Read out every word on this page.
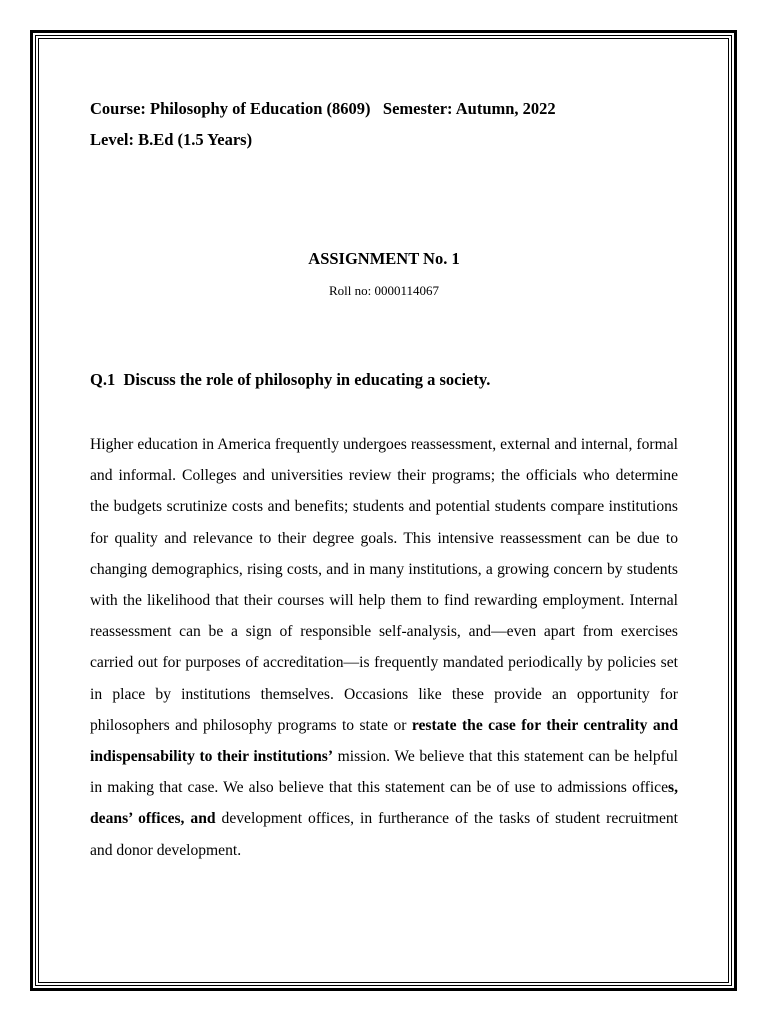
Course: Philosophy of Education (8609)   Semester: Autumn, 2022
Level: B.Ed (1.5 Years)
ASSIGNMENT No. 1
Roll no: 0000114067
Q.1  Discuss the role of philosophy in educating a society.
Higher education in America frequently undergoes reassessment, external and internal, formal and informal. Colleges and universities review their programs; the officials who determine the budgets scrutinize costs and benefits; students and potential students compare institutions for quality and relevance to their degree goals. This intensive reassessment can be due to changing demographics, rising costs, and in many institutions, a growing concern by students with the likelihood that their courses will help them to find rewarding employment. Internal reassessment can be a sign of responsible self-analysis, and—even apart from exercises carried out for purposes of accreditation—is frequently mandated periodically by policies set in place by institutions themselves. Occasions like these provide an opportunity for philosophers and philosophy programs to state or restate the case for their centrality and indispensability to their institutions’ mission. We believe that this statement can be helpful in making that case. We also believe that this statement can be of use to admissions offices, deans’ offices, and development offices, in furtherance of the tasks of student recruitment and donor development.
